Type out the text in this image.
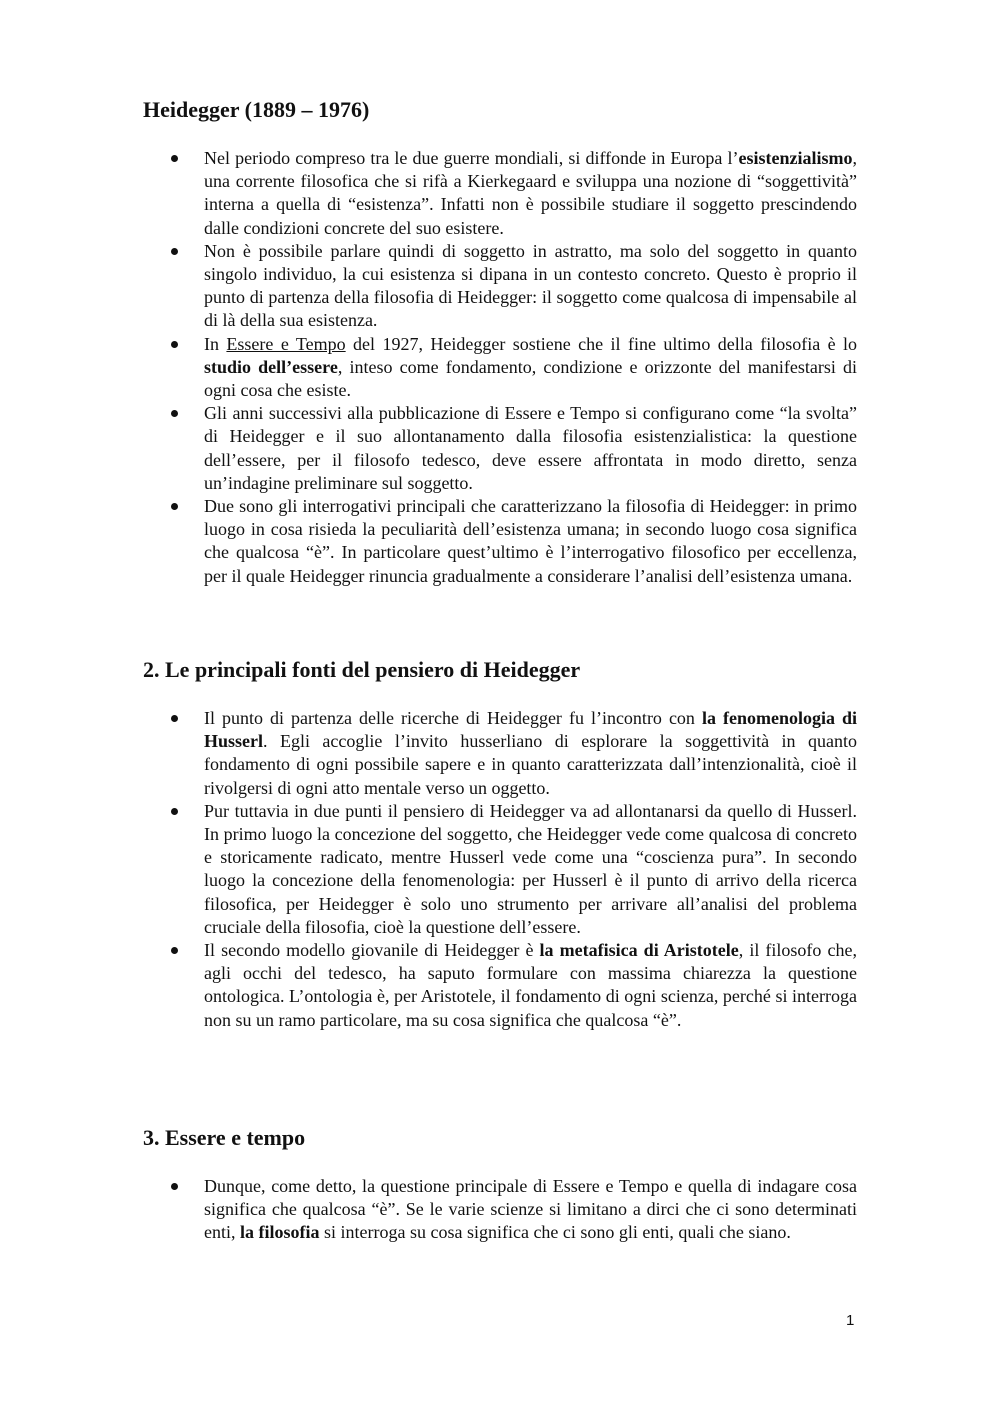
Heidegger (1889 – 1976)
Nel periodo compreso tra le due guerre mondiali, si diffonde in Europa l’esistenzialismo, una corrente filosofica che si rifà a Kierkegaard e sviluppa una nozione di “soggettività” interna a quella di “esistenza”. Infatti non è possibile studiare il soggetto prescindendo dalle condizioni concrete del suo esistere.
Non è possibile parlare quindi di soggetto in astratto, ma solo del soggetto in quanto singolo individuo, la cui esistenza si dipana in un contesto concreto. Questo è proprio il punto di partenza della filosofia di Heidegger: il soggetto come qualcosa di impensabile al di là della sua esistenza.
In Essere e Tempo del 1927, Heidegger sostiene che il fine ultimo della filosofia è lo studio dell’essere, inteso come fondamento, condizione e orizzonte del manifestarsi di ogni cosa che esiste.
Gli anni successivi alla pubblicazione di Essere e Tempo si configurano come “la svolta” di Heidegger e il suo allontanamento dalla filosofia esistenzialistica: la questione dell’essere, per il filosofo tedesco, deve essere affrontata in modo diretto, senza un’indagine preliminare sul soggetto.
Due sono gli interrogativi principali che caratterizzano la filosofia di Heidegger: in primo luogo in cosa risieda la peculiarità dell’esistenza umana; in secondo luogo cosa significa che qualcosa “è”. In particolare quest’ultimo è l’interrogativo filosofico per eccellenza, per il quale Heidegger rinuncia gradualmente a considerare l’analisi dell’esistenza umana.
2. Le principali fonti del pensiero di Heidegger
Il punto di partenza delle ricerche di Heidegger fu l’incontro con la fenomenologia di Husserl. Egli accoglie l’invito husserliano di esplorare la soggettività in quanto fondamento di ogni possibile sapere e in quanto caratterizzata dall’intenzionalità, cioè il rivolgersi di ogni atto mentale verso un oggetto.
Pur tuttavia in due punti il pensiero di Heidegger va ad allontanarsi da quello di Husserl. In primo luogo la concezione del soggetto, che Heidegger vede come qualcosa di concreto e storicamente radicato, mentre Husserl vede come una “coscienza pura”. In secondo luogo la concezione della fenomenologia: per Husserl è il punto di arrivo della ricerca filosofica, per Heidegger è solo uno strumento per arrivare all’analisi del problema cruciale della filosofia, cioè la questione dell’essere.
Il secondo modello giovanile di Heidegger è la metafisica di Aristotele, il filosofo che, agli occhi del tedesco, ha saputo formulare con massima chiarezza la questione ontologica. L’ontologia è, per Aristotele, il fondamento di ogni scienza, perché si interroga non su un ramo particolare, ma su cosa significa che qualcosa “è”.
3. Essere e tempo
Dunque, come detto, la questione principale di Essere e Tempo e quella di indagare cosa significa che qualcosa “è”. Se le varie scienze si limitano a dirci che ci sono determinati enti, la filosofia si interroga su cosa significa che ci sono gli enti, quali che siano.
1
